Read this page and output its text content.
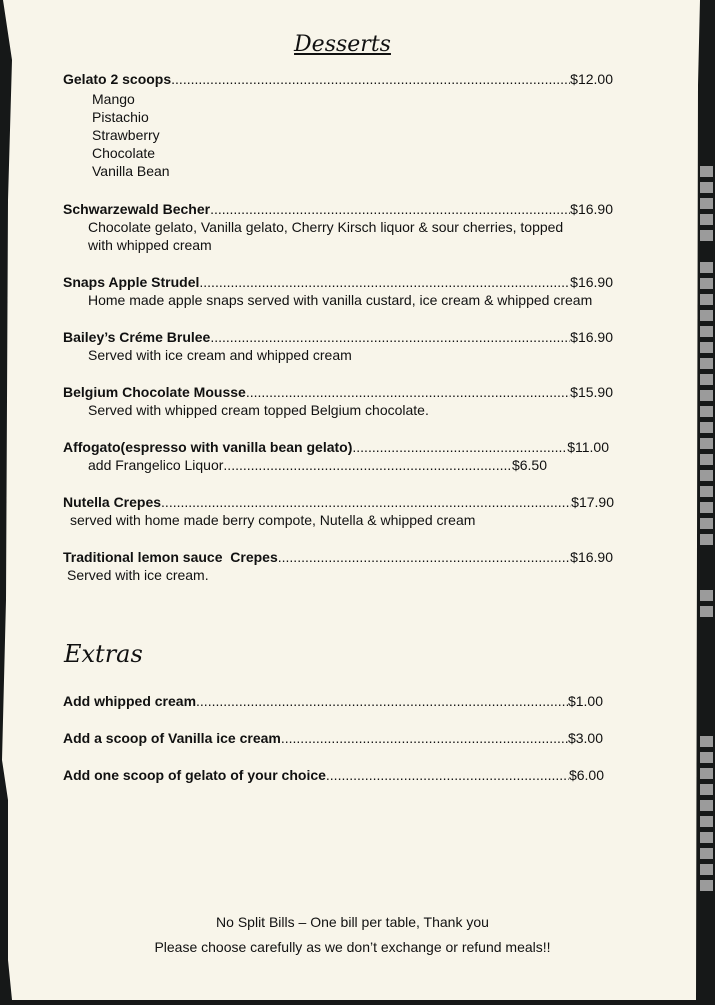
Desserts
Gelato 2 scoops .....	$12.00
Mango
Pistachio
Strawberry
Chocolate
Vanilla Bean
Schwarzewald Becher .....	$16.90
Chocolate gelato, Vanilla gelato, Cherry Kirsch liquor & sour cherries, topped
with whipped cream
Snaps Apple Strudel .....	$16.90
Home made apple snaps served with vanilla custard, ice cream & whipped cream
Bailey’s Créme Brulee .....	$16.90
Served with ice cream and whipped cream
Belgium Chocolate Mousse .....	$15.90
Served with whipped cream topped Belgium chocolate.
Affogato(espresso with vanilla bean gelato) .....	$11.00
add Frangelico Liquor .....	$6.50
Nutella Crepes .....	$17.90
served with home made berry compote, Nutella & whipped cream
Traditional lemon sauce  Crepes .....	$16.90
Served with ice cream.
Extras
Add whipped cream .....	$1.00
Add a scoop of Vanilla ice cream .....	$3.00
Add one scoop of gelato of your choice .....	$6.00
No Split Bills – One bill per table, Thank you
Please choose carefully as we don’t exchange or refund meals!!
